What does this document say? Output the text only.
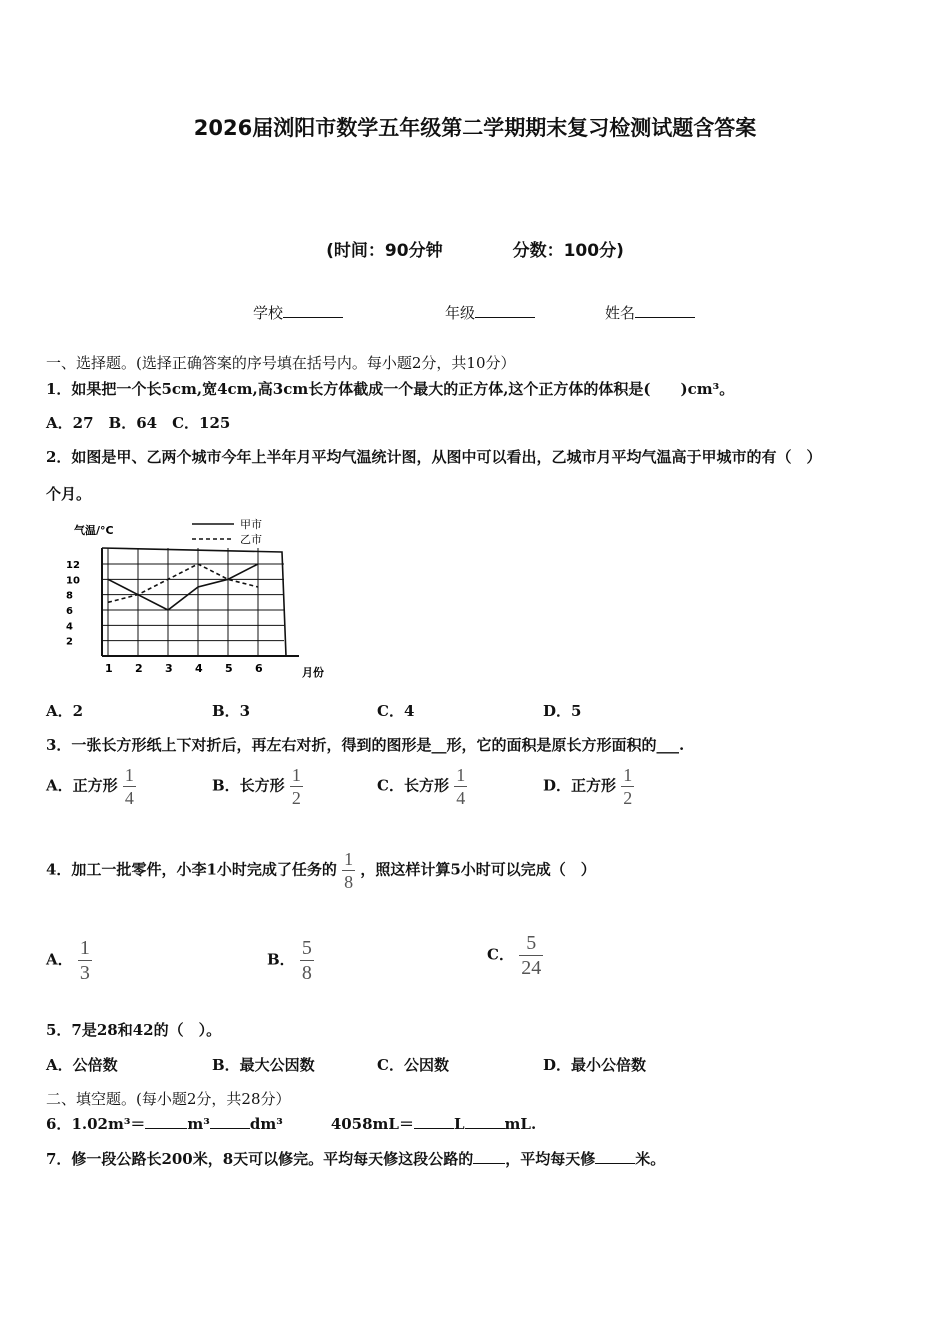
2026届浏阳市数学五年级第二学期期末复习检测试题含答案
(时间：90分钟	分数：100分)
学校	年级	姓名
一、选择题。(选择正确答案的序号填在括号内。每小题2分，共10分）
1．如果把一个长5cm,宽4cm,高3cm长方体截成一个最大的正方体,这个正方体的体积是(　　)cm³。
A．27　B．64　C．125
2．如图是甲、乙两个城市今年上半年月平均气温统计图，从图中可以看出，乙城市月平均气温高于甲城市的有（　）
个月。
气温/°C	甲市
乙市
2
4
6
8
10
12
1 2 3 4 5 6	月份
A．2	B．3	C．4	D．5
3．一张长方形纸上下对折后，再左右对折，得到的图形是__形，它的面积是原长方形面积的___.
A．正方形 $\frac{1}{4}$	B．长方形 $\frac{1}{2}$	C．长方形 $\frac{1}{4}$	D．正方形 $\frac{1}{2}$
4．加工一批零件，小李1小时完成了任务的 $\frac{1}{8}$ ，照这样计算5小时可以完成（　）
A． $\frac{1}{3}$	B． $\frac{5}{8}$	C． $\frac{5}{24}$
5．7是28和42的（　）。
A．公倍数	B．最大公因数	C．公因数	D．最小公倍数
二、填空题。(每小题2分，共28分）
6．1.02m³＝	m³	dm³	4058mL＝	L	mL.
7．修一段公路长200米，8天可以修完。平均每天修这段公路的 ，平均每天修	米。
